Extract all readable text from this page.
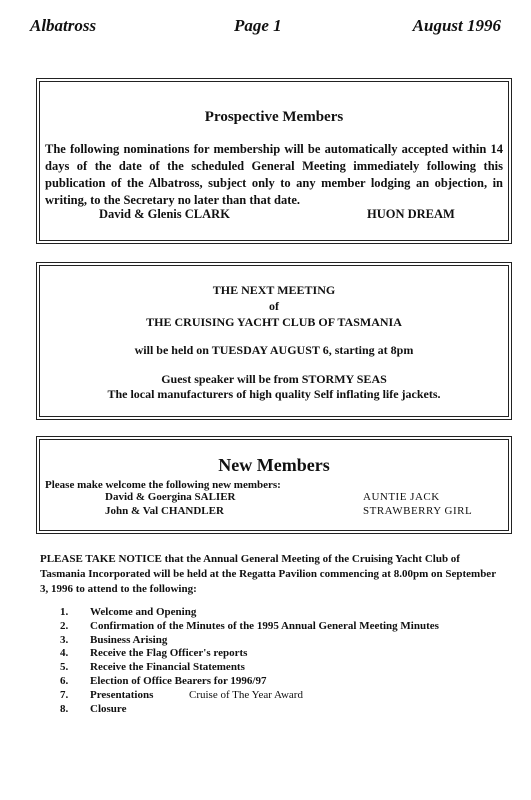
Albatross	Page 1	August 1996
Prospective Members
The following nominations for membership will be automatically accepted within 14 days of the date of the scheduled General Meeting immediately following this publication of the Albatross, subject only to any member lodging an objection, in writing, to the Secretary no later than that date.
David & Glenis CLARK	HUON DREAM
THE NEXT MEETING
of
THE CRUISING YACHT CLUB OF TASMANIA
will be held on TUESDAY AUGUST 6, starting at 8pm
Guest speaker will be from STORMY SEAS
The local manufacturers of high quality Self inflating life jackets.
New Members
Please make welcome the following new members:
David & Goergina SALIER	AUNTIE JACK
John & Val CHANDLER	STRAWBERRY GIRL
PLEASE TAKE NOTICE that the Annual General Meeting of the Cruising Yacht Club of Tasmania Incorporated will be held at the Regatta Pavilion commencing at 8.00pm on September 3, 1996 to attend to the following:
1. Welcome and Opening
2. Confirmation of the Minutes of the 1995 Annual General Meeting Minutes
3. Business Arising
4. Receive the Flag Officer's reports
5. Receive the Financial Statements
6. Election of Office Bearers for 1996/97
7. Presentations	Cruise of The Year Award
8. Closure
